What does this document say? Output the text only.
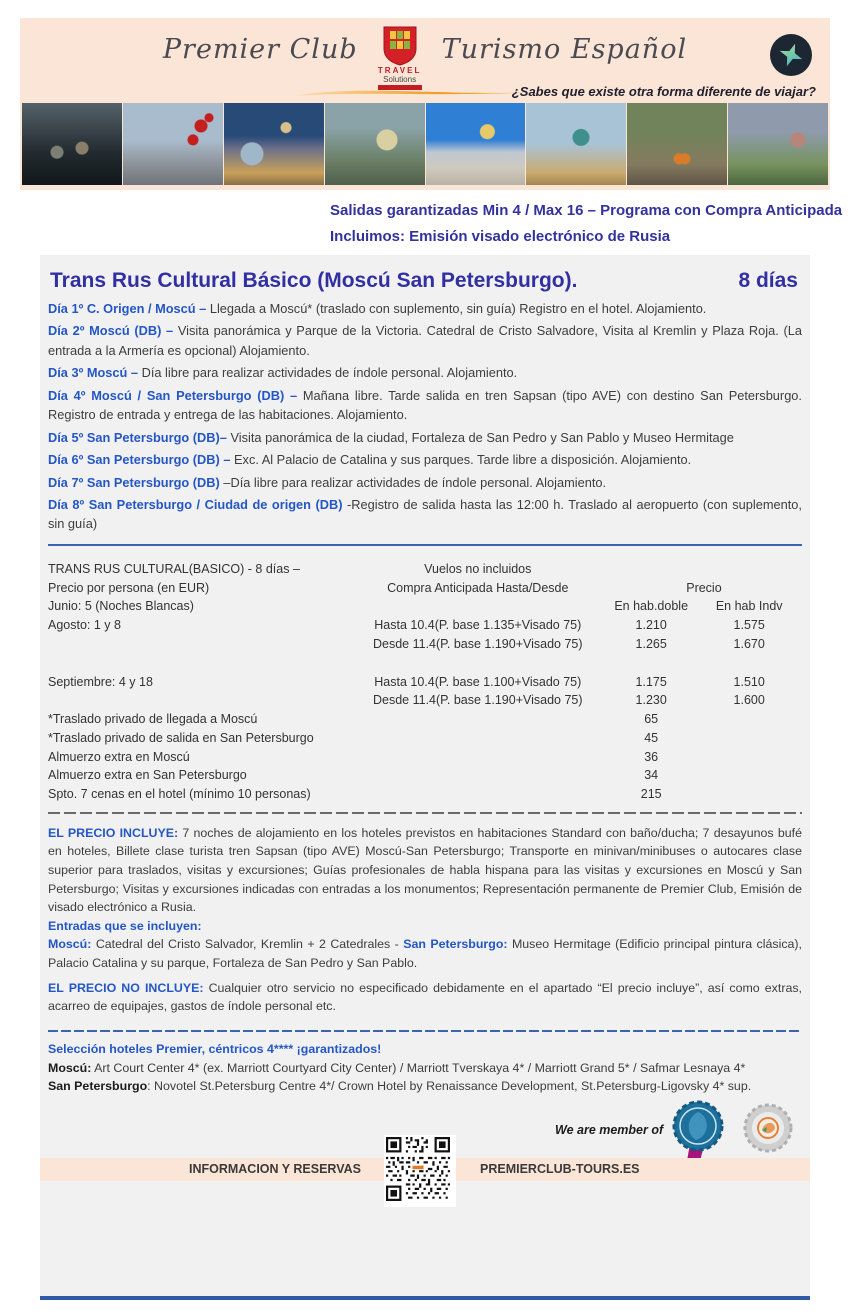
Premier Club
TRAVEL
Solutions
Turismo Español
¿Sabes que existe otra forma diferente de viajar?
Salidas garantizadas Min 4 / Max 16 – Programa con Compra Anticipada
Incluimos: Emisión visado electrónico de Rusia
Trans Rus Cultural Básico (Moscú San Petersburgo).	8 días

Día 1º C. Origen / Moscú – Llegada a Moscú* (traslado con suplemento, sin guía) Registro en el hotel. Alojamiento.

Día 2º Moscú (DB) – Visita panorámica y Parque de la Victoria. Catedral de Cristo Salvadore, Visita al Kremlin y Plaza Roja. (La entrada a la Armería es opcional) Alojamiento.

Día 3º Moscú – Día libre para realizar actividades de índole personal. Alojamiento.

Día 4º Moscú / San Petersburgo (DB) – Mañana libre. Tarde salida en tren Sapsan (tipo AVE) con destino San Petersburgo. Registro de entrada y entrega de las habitaciones. Alojamiento.

Día 5º San Petersburgo (DB)– Visita panorámica de la ciudad, Fortaleza de San Pedro y San Pablo y Museo Hermitage

Día 6º San Petersburgo (DB) – Exc. Al Palacio de Catalina y sus parques. Tarde libre a disposición. Alojamiento.

Día 7º San Petersburgo (DB) –Día libre para realizar actividades de índole personal. Alojamiento.

Día 8º San Petersburgo / Ciudad de origen (DB) -Registro de salida hasta las 12:00 h. Traslado al aeropuerto (con suplemento, sin guía)

TRANS RUS CULTURAL(BASICO) - 8 días –	Vuelos no incluidos
Precio por persona (en EUR)	Compra Anticipada Hasta/Desde	Precio
Junio: 5 (Noches Blancas)	En hab.doble	En hab Indv
Agosto: 1 y 8	Hasta 10.4(P. base 1.135+Visado 75)	1.210	1.575
Desde 11.4(P. base 1.190+Visado 75)	1.265	1.670
Septiembre: 4 y 18	Hasta 10.4(P. base 1.100+Visado 75)	1.175	1.510
Desde 11.4(P. base 1.190+Visado 75)	1.230	1.600
*Traslado privado de llegada a Moscú	65
*Traslado privado de salida en San Petersburgo	45
Almuerzo extra en Moscú	36
Almuerzo extra en San Petersburgo	34
Spto. 7 cenas en el hotel (mínimo 10 personas)	215

EL PRECIO INCLUYE: 7 noches de alojamiento en los hoteles previstos en habitaciones Standard con baño/ducha; 7 desayunos bufé en hoteles, Billete clase turista tren Sapsan (tipo AVE) Moscú-San Petersburgo; Transporte en minivan/minibuses o autocares clase superior para traslados, visitas y excursiones; Guías profesionales de habla hispana para las visitas y excursiones en Moscú y San Petersburgo; Visitas y excursiones indicadas con entradas a los monumentos; Representación permanente de Premier Club, Emisión de visado electrónico a Rusia.

Entradas que se incluyen:

Moscú: Catedral del Cristo Salvador, Kremlin + 2 Catedrales - San Petersburgo: Museo Hermitage (Edificio principal pintura clásica), Palacio Catalina y su parque, Fortaleza de San Pedro y San Pablo.

EL PRECIO NO INCLUYE: Cualquier otro servicio no especificado debidamente en el apartado “El precio incluye”, así como extras, acarreo de equipajes, gastos de índole personal etc.

Selección hoteles Premier, céntricos 4**** ¡garantizados!

Moscú: Art Court Center 4* (ex. Marriott Courtyard City Center) / Marriott Tverskaya 4* / Marriott Grand 5* / Safmar Lesnaya 4*

San Petersburgo: Novotel St.Petersburg Centre 4*/ Crown Hotel by Renaissance Development, St.Petersburg-Ligovsky 4* sup.

We are member of
INFORMACION Y RESERVAS	PREMIERCLUB-TOURS.ES
